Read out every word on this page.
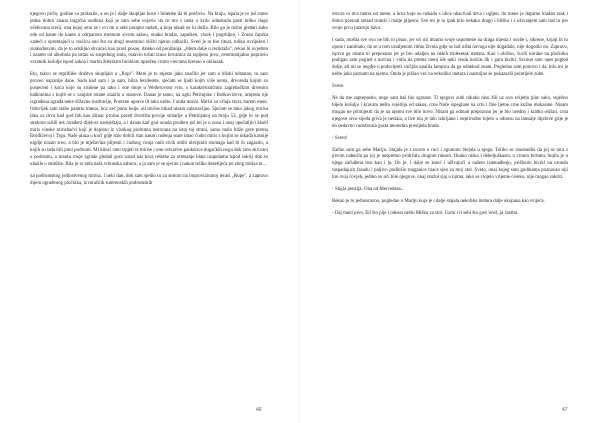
njegovu priču, godine su prolazile, a on je i dalje skupljao boce i limenke da bi preživio. Na kraju, ispala je to još samo jedna dobro znana tragična sudbina koji je sam sebe uvjerio da će mu s neba u krilo odnekuda pasti toliko dugo očekivana sreća, ona kojoj smo se i svi mi u sebi potajno nadali, a koja nikad ne bi došla. Bilo ga je tužno gledati kako ode od kante do kante u odrpanom mesnom sivom sakou, onako bradat, zapušten, visok i pogrbljen, i Zoran čaprka vadeći s opremajući u vrećicu ono što su drugi reseminci slični njemu odbacili. Sveti je to bio ritual, toliko uvriježen i svakodnevan, da je to odslijno shvaćao kao pravi posao, daleko od ponižanja. „Idem dalje u reciklažu", rekao bi ovješten i ozaren od alkohola pa ustao sa susjednog stola, ostavio točan iznos kovanica za ispijeno pivo, ceremonijalno popravio ovratnik košulje ispod sakoa i starim žderskim biciklom uprežen crnim vrećama krenuo u obilazak.

Eto, takvo se otpriliike društvo skupljalo u „Rupi". Meni je to mjesto jako značilo jer sam u bliski odrastao, tu sam proveo najranije dane. Sada kad sam i ja sam, bliza bezdesete, sjećam se ljudi kojih više nema, drvoreda kojim su posjećeni i kuća koje su srušene pa tako i one moje u Weilerovom vrtu, s karakterističnim zagrebačkim drvenim balkonima s kojih se s vanjske strane ulazilo u stanove. Danas je tamo, na uglu Petrinjske i Boškovićeve, umjesto nje izgrađena zgrada neke državne institucije, Porezne uprave ili tako nešto. I onda mirisi. Mirisi su vrlaja stvar, barem meni. Oduvijek sam slabo pamtio imena, lica već puno bolje, ali mirise nikad nisam zaboravljao. Sjećam se tako jakog mirisa laka za drvo kad god bih kao klinac prošao pored dvorišta povoje stolarije u Petrinjskoj na broju 53, gdje bi se pod strehom sušili tek izrađeni dijelovi namještaja, a i danas kad god onuda prođem još mi je u nosu i onaj upečatljivi kiseli miris vinske mirisbačvi koji je dopirao iz visokog podruma restorana na istoj toj strani, samo malo bliže gore prema Đorđićevoj i Trgu. Naše ulaza u kući gdje smo dobili stan nakon rušenja stare imao ćudni miris s kojim se nikada kasnije nigdje nisam sreo, a bio je mješavina plijesni i ćudnog vonja onih sivih oblih olečpinih stomaga kad bi ih zagazilo, a kojih su tada bili puni podrumi. Mi klinci smo trpjeli te mirise i one ostvarive pauknove dugačkih nogu dok smo skrivani u podrumu, u mraku moje zgrade gledali gore iznad nas kroz rešetke za otresanje blata usajedama ispod sokrij dok su ulazile u stubište. Bila je to tada naša vrhunska zabava, a ja sam je se sjećao i nakon toliko desetljeća po zbog mirisa te...

na podrumskog jedinstvenog mirisa. I neki dan, dok sam sjedio tu za stolom na improviziranoj terasi „Rupe", a zapravo dijelu ograđenog pločnika, iz mračnih suterenskih podrumskih

46

otvora ni dva metra od mene, a kroz koje su nekada s ulice ubacivali drva i ugljen, do mene je dopirao hladan zrak i dobro poznati smrad truleži i malje plijesni. Sve mi je to ipak bilo nekako drago i bliško i s uživanjem sam baš tu pio svoju prvu jutarnju kavu.

I sada, mošda sve ovo ne bih ni pisao, jer svi mi imamo svoje uspomene na draga mjesta i osobe i, sikrene, kojaji bi to upole i zanimalo, da se u tom ustaljenom ritmu života gdje se baš ništa novoga nije događalo, nije dogodio on. Zapravo, isprva ga nisam ni prepoznao jer je bio udaljen na nekih tridesetak metara. Kao i obično, čuvši korake na pločniku podigao sam pogled s novina i vidio da prema meni ide neki visok košćat lik i gura bicikl. Svrnuo sam opet pogled dolje, ali mi se negdje u podsvijesti vaćijda upalila lampica da ga odnekud znam. Pogledao sam ponovo i da, bilo mi je nešto jako poznato na njemu. Onda je prišao već na nekoliko metara i nasmijao se pokazavši polutijele zube.

Sveto.

Ne da me zaprepastio, nego sam baš bio zgranut. Ti njegovi zubi nikako nisu žili uz ovo svijetlo plav sako, snježno bijelu košulju i kravatu nešto svjetliju od sakoa, crne Nače ispeglane na crtu i fine ljetne crne kožne mokasine. Nisam mogao ne primijetiti da je na njemu sve bilo novo. Nisam ga odmah prepoznao jer je bio uredno i kratko ošišan, crna njegove sivo-sijeđa griva je nestala, a lice mu je lalo izbrijano i neprirodno bijelo u odnosu na tamnije dijelove gdje je do nedavno caredavala gusta neuredna prosijeda brada.

- Sveto!

Zaduo sam ga sebe Mariju. Stajala je s tacom u ruci i zgranuto blejala u njega. Toliko se iznenadila da joj se taca s pivom naherila pa joj je nespretno pridržala drugom rukom. Onako niska i debeljuškasta, u crnom fertunu, bujila je u njega začuđena isto kao i ja. On je, i dalje se ksecl i užlvajući u našem iznenađenju, prišlonio bicikl na orondu raspadajuću fasadu i paljivo podložio maganice hlaće sjeo za moj stol. Sveto, onaj kojeg sam godinama poznavao niji bio ovaj čovjek, jedino su oči bile njegove, onaj otužni sjaj u njima, iako se ciojelo vrijeme cereko, nije mogao sakriti.

- Stigla penzija. Ona od Mercedesa...

Rekao je to jednostavno, pogledao u Mariju koja je i dalje stajala nekoliko metara dalje ukopana kao svijeća.

- Daj meni pivo, Eli što pije i odnesi nešto Mišku za stol. Uzmi i ti sebi što god 'oćeš, ja častim.

47
